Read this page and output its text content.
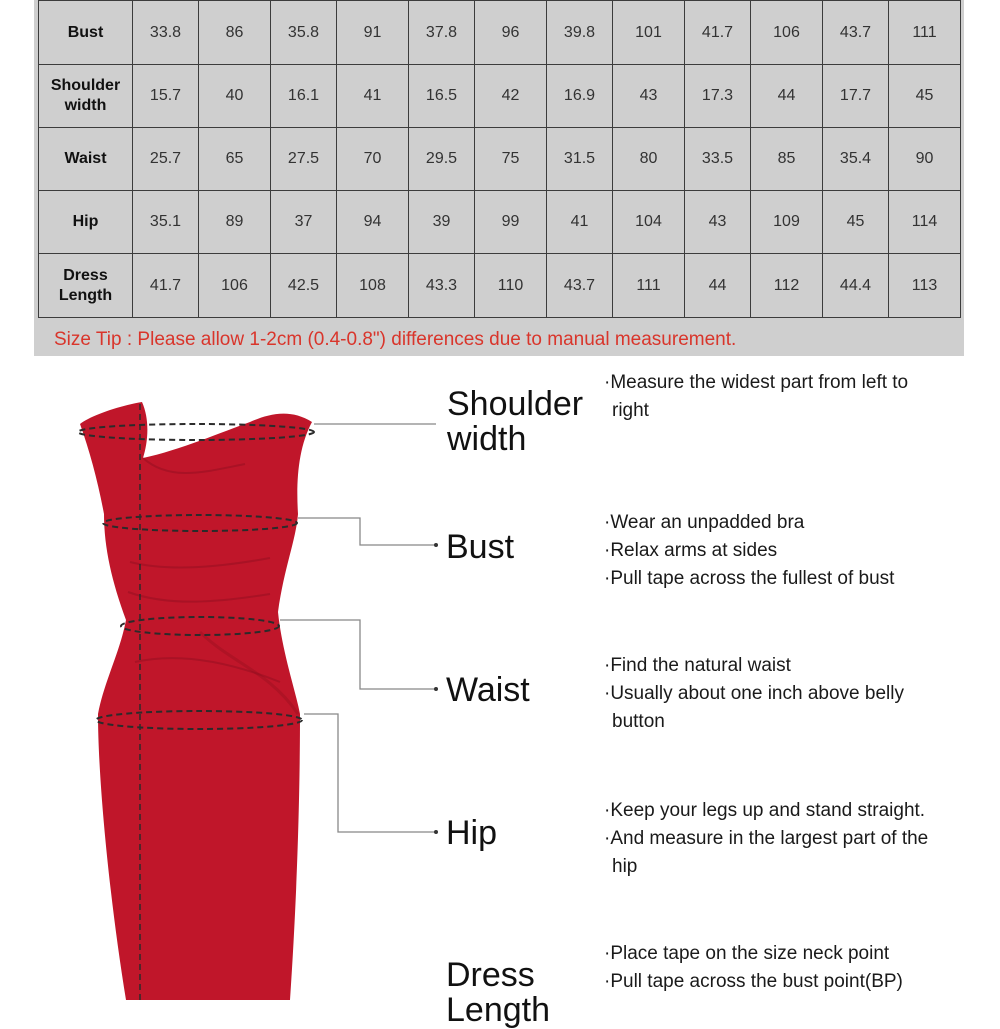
Bust	33.8	86	35.8	91	37.8	96	39.8	101	41.7	106	43.7	111
Shoulder width	15.7	40	16.1	41	16.5	42	16.9	43	17.3	44	17.7	45
Waist	25.7	65	27.5	70	29.5	75	31.5	80	33.5	85	35.4	90
Hip	35.1	89	37	94	39	99	41	104	43	109	45	114
Dress Length	41.7	106	42.5	108	43.3	110	43.7	111	44	112	44.4	113
Size Tip : Please allow 1-2cm (0.4-0.8") differences due to manual measurement.
Shoulder width
Bust
Waist
Hip
Dress Length
·Measure the widest part from left to
right
·Wear an unpadded bra
·Relax arms at sides
·Pull tape across the fullest of bust
·Find the natural waist
·Usually about one inch above belly
button
·Keep your legs up and stand straight.
·And measure in the largest part of the
hip
·Place tape on the size neck point
·Pull tape across the bust point(BP)
